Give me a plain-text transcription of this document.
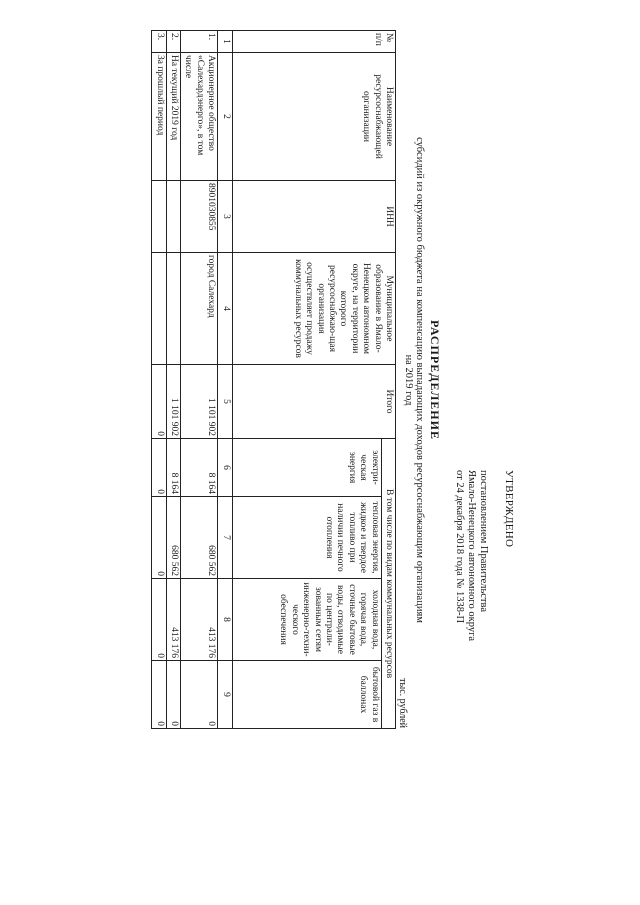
УТВЕРЖДЕНО
постановлением Правительства
Ямало-Ненецкого автономного округа
от 24 декабря 2018 года № 1338-П
РАСПРЕДЕЛЕНИЕ
субсидий из окружного бюджета на компенсацию выпадающих доходов ресурсоснабжающим организациям
на 2019 год
тыс. рублей
№ п/п	Наименование ресурсоснабжающей организации	ИНН	Муниципальное образование в Ямало-Ненецком автономном округе, на территории которого ресурсоснабжаю-щая организация осуществляет продажу коммунальных ресурсов	Итого	В том числе по видам коммунальных ресурсов			
					электри-ческая энергия	тепловая энергия, жидкое и твердое топливо при наличии печного отопления	холодная вода, горячая вода, сточные бытовые воды, отводимые по централи-зованным сетям инженерно-техни-ческого обеспечения	бытовой газ в баллонах
1	2	3	4	5	6	7	8	9
1.	Акционерное общество «Салехардэнерго», в том числе	8901030855	город Салехард	1 101 902	8 164	680 562	413 176	0
2.	На текущий 2019 год			1 101 902	8 164	680 562	413 176	0
3.	За прошлый период			0	0	0	0	0
